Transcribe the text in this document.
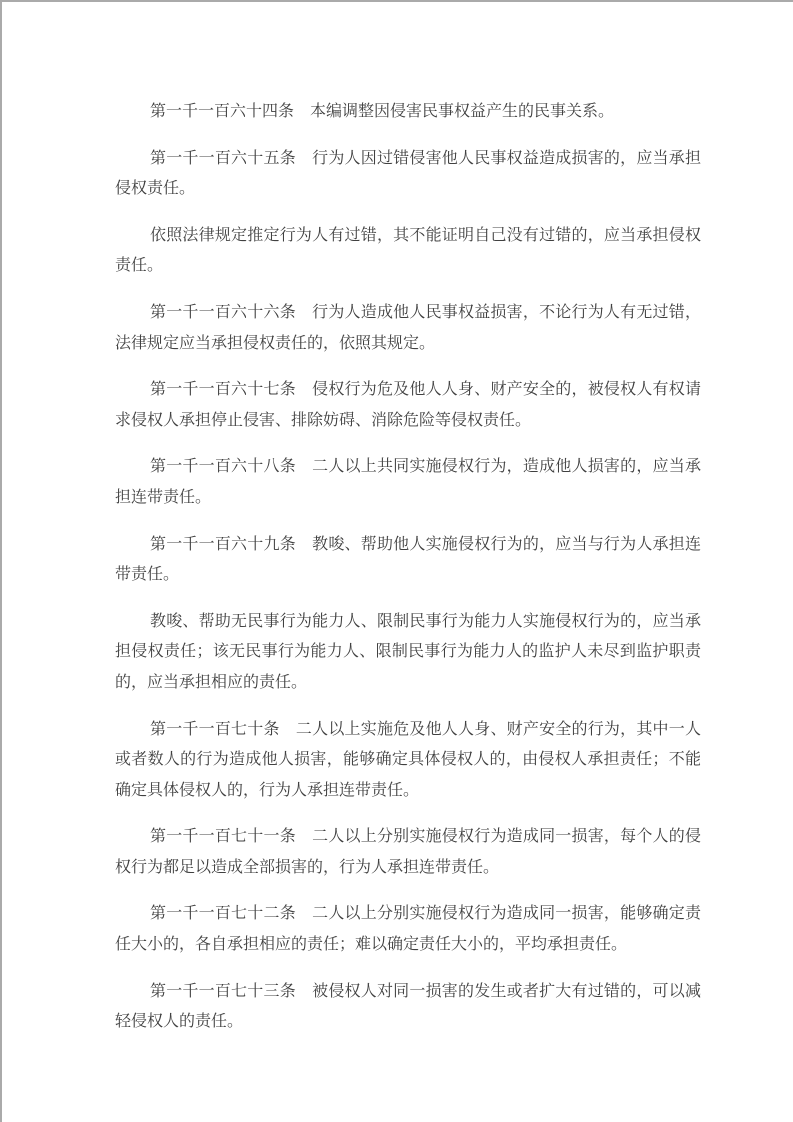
第一千一百六十四条　本编调整因侵害民事权益产生的民事关系。

第一千一百六十五条　行为人因过错侵害他人民事权益造成损害的，应当承担侵权责任。

依照法律规定推定行为人有过错，其不能证明自己没有过错的，应当承担侵权责任。

第一千一百六十六条　行为人造成他人民事权益损害，不论行为人有无过错，法律规定应当承担侵权责任的，依照其规定。

第一千一百六十七条　侵权行为危及他人人身、财产安全的，被侵权人有权请求侵权人承担停止侵害、排除妨碍、消除危险等侵权责任。

第一千一百六十八条　二人以上共同实施侵权行为，造成他人损害的，应当承担连带责任。

第一千一百六十九条　教唆、帮助他人实施侵权行为的，应当与行为人承担连带责任。

教唆、帮助无民事行为能力人、限制民事行为能力人实施侵权行为的，应当承担侵权责任；该无民事行为能力人、限制民事行为能力人的监护人未尽到监护职责的，应当承担相应的责任。

第一千一百七十条　二人以上实施危及他人人身、财产安全的行为，其中一人或者数人的行为造成他人损害，能够确定具体侵权人的，由侵权人承担责任；不能确定具体侵权人的，行为人承担连带责任。

第一千一百七十一条　二人以上分别实施侵权行为造成同一损害，每个人的侵权行为都足以造成全部损害的，行为人承担连带责任。

第一千一百七十二条　二人以上分别实施侵权行为造成同一损害，能够确定责任大小的，各自承担相应的责任；难以确定责任大小的，平均承担责任。

第一千一百七十三条　被侵权人对同一损害的发生或者扩大有过错的，可以减轻侵权人的责任。
